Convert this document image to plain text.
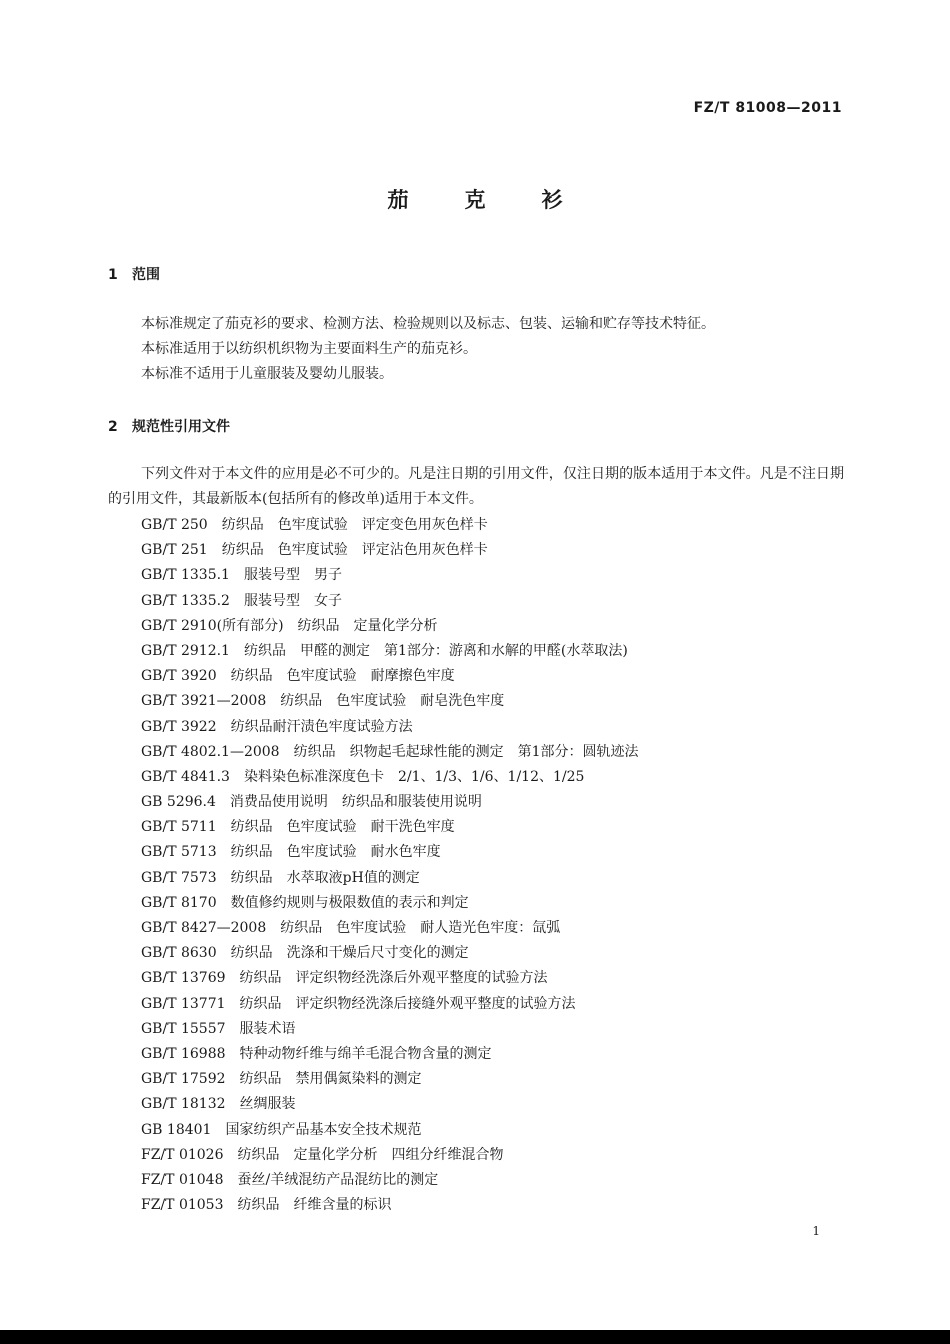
FZ/T 81008—2011
茄	克	衫
1 范围
本标准规定了茄克衫的要求、检测方法、检验规则以及标志、包装、运输和贮存等技术特征。
本标准适用于以纺织机织物为主要面料生产的茄克衫。
本标准不适用于儿童服装及婴幼儿服装。
2 规范性引用文件
下列文件对于本文件的应用是必不可少的。凡是注日期的引用文件，仅注日期的版本适用于本文件。凡是不注日期的引用文件，其最新版本(包括所有的修改单)适用于本文件。
GB/T 250　纺织品　色牢度试验　评定变色用灰色样卡
GB/T 251　纺织品　色牢度试验　评定沾色用灰色样卡
GB/T 1335.1　服装号型　男子
GB/T 1335.2　服装号型　女子
GB/T 2910(所有部分)　纺织品　定量化学分析
GB/T 2912.1　纺织品　甲醛的测定　第1部分：游离和水解的甲醛(水萃取法)
GB/T 3920　纺织品　色牢度试验　耐摩擦色牢度
GB/T 3921—2008　纺织品　色牢度试验　耐皂洗色牢度
GB/T 3922　纺织品耐汗渍色牢度试验方法
GB/T 4802.1—2008　纺织品　织物起毛起球性能的测定　第1部分：圆轨迹法
GB/T 4841.3　染料染色标准深度色卡　2/1、1/3、1/6、1/12、1/25
GB 5296.4　消费品使用说明　纺织品和服装使用说明
GB/T 5711　纺织品　色牢度试验　耐干洗色牢度
GB/T 5713　纺织品　色牢度试验　耐水色牢度
GB/T 7573　纺织品　水萃取液pH值的测定
GB/T 8170　数值修约规则与极限数值的表示和判定
GB/T 8427—2008　纺织品　色牢度试验　耐人造光色牢度：氙弧
GB/T 8630　纺织品　洗涤和干燥后尺寸变化的测定
GB/T 13769　纺织品　评定织物经洗涤后外观平整度的试验方法
GB/T 13771　纺织品　评定织物经洗涤后接缝外观平整度的试验方法
GB/T 15557　服装术语
GB/T 16988　特种动物纤维与绵羊毛混合物含量的测定
GB/T 17592　纺织品　禁用偶氮染料的测定
GB/T 18132　丝绸服装
GB 18401　国家纺织产品基本安全技术规范
FZ/T 01026　纺织品　定量化学分析　四组分纤维混合物
FZ/T 01048　蚕丝/羊绒混纺产品混纺比的测定
FZ/T 01053　纺织品　纤维含量的标识
1
